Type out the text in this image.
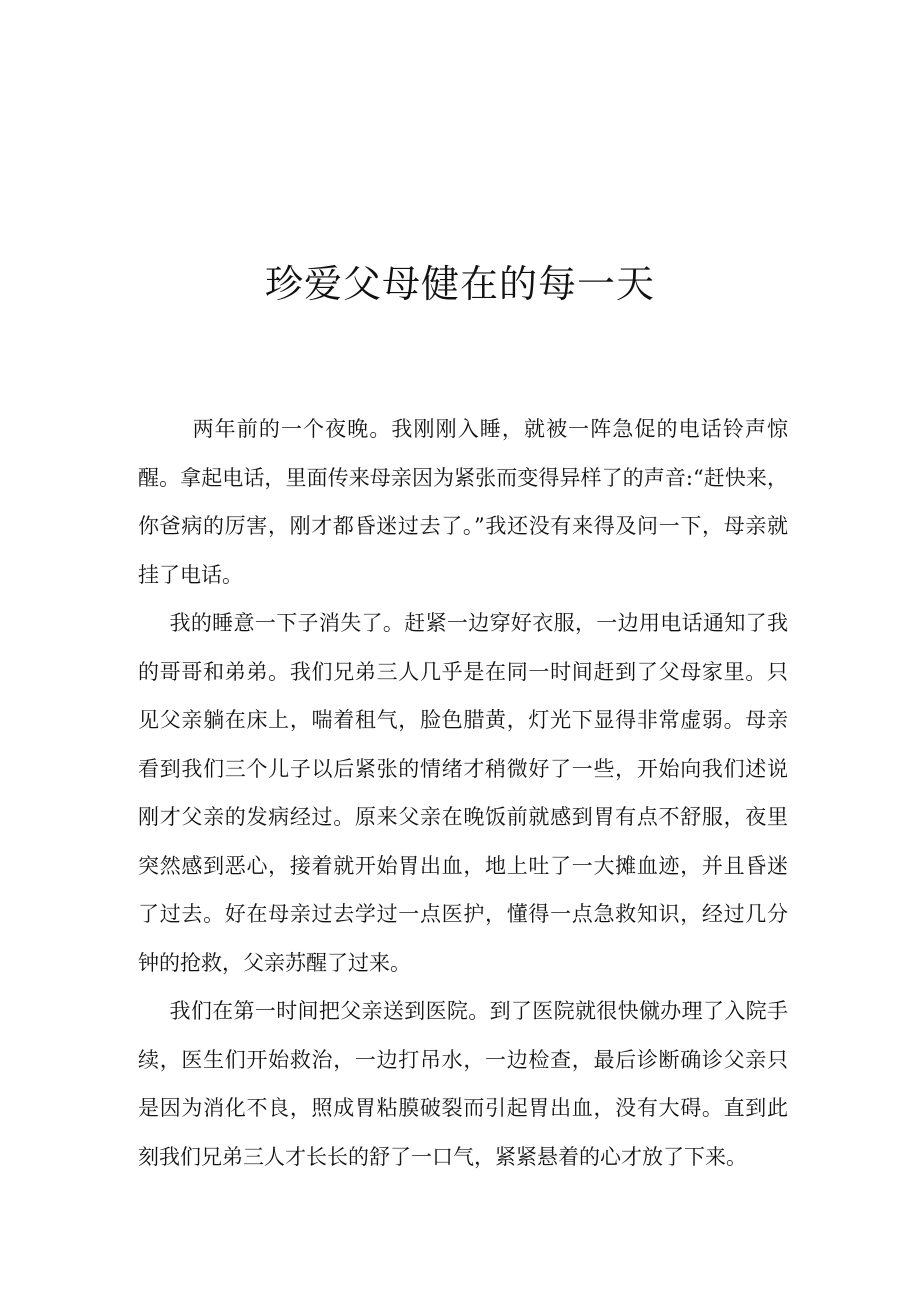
珍爱父母健在的每一天

两年前的一个夜晚。我刚刚入睡，就被一阵急促的电话铃声惊醒。拿起电话，里面传来母亲因为紧张而变得异样了的声音:“赶快来，你爸病的厉害，刚才都昏迷过去了。”我还没有来得及问一下，母亲就挂了电话。

我的睡意一下子消失了。赶紧一边穿好衣服，一边用电话通知了我的哥哥和弟弟。我们兄弟三人几乎是在同一时间赶到了父母家里。只见父亲躺在床上，喘着租气，脸色腊黄，灯光下显得非常虚弱。母亲看到我们三个儿子以后紧张的情绪才稍微好了一些，开始向我们述说刚才父亲的发病经过。原来父亲在晚饭前就感到胃有点不舒服，夜里突然感到恶心，接着就开始胃出血，地上吐了一大摊血迹，并且昏迷了过去。好在母亲过去学过一点医护，懂得一点急救知识，经过几分钟的抢救，父亲苏醒了过来。

我们在第一时间把父亲送到医院。到了医院就很快僦办理了入院手续，医生们开始救治，一边打吊水，一边检查，最后诊断确诊父亲只是因为消化不良，照成胃粘膜破裂而引起胃出血，没有大碍。直到此刻我们兄弟三人才长长的舒了一口气，紧紧悬着的心才放了下来。
